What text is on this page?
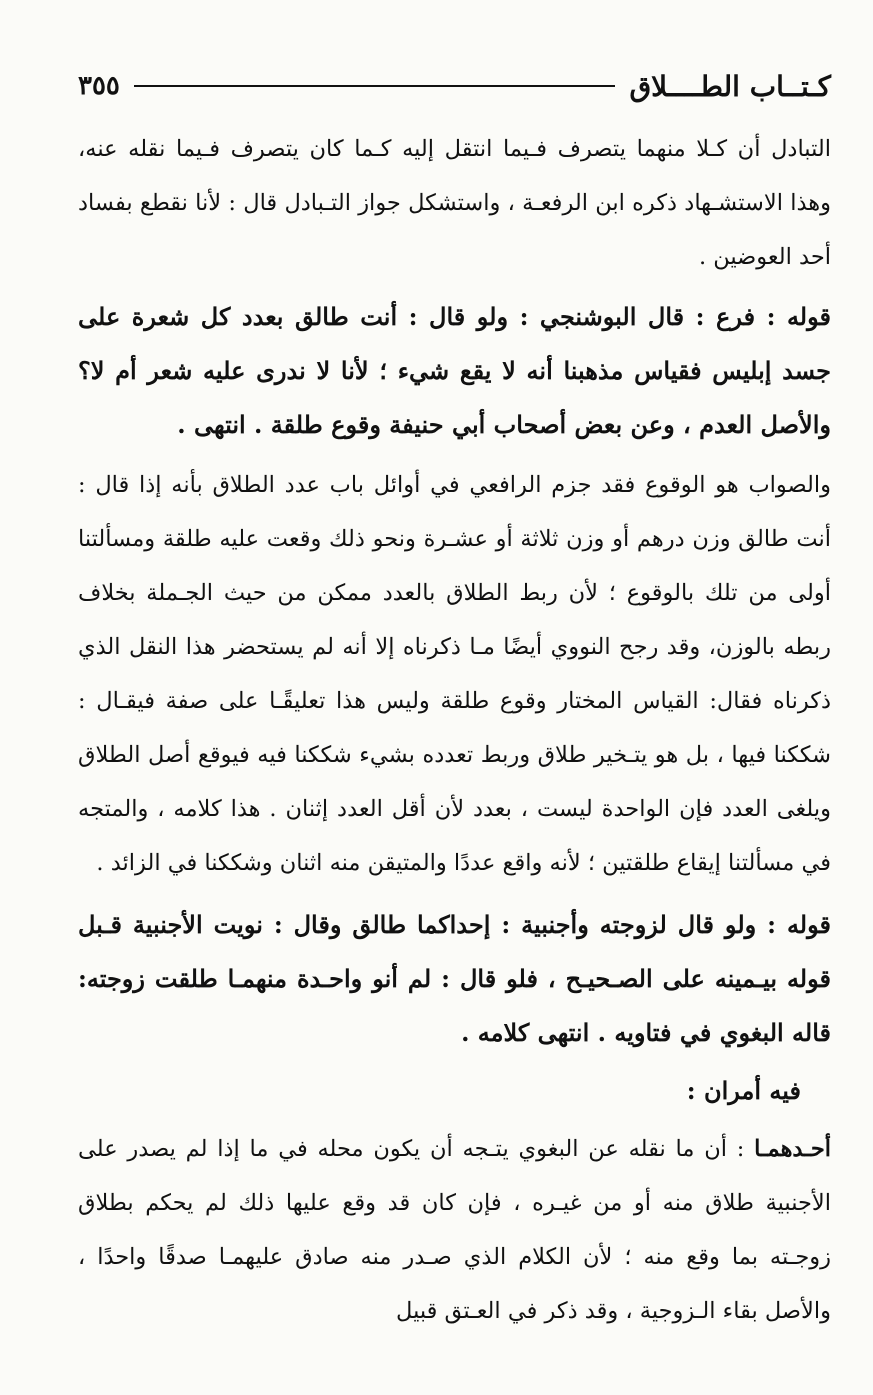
كـتــاب الطــــلاق
٣٥٥

التبادل أن كـلا منهما يتصرف فـيما انتقل إليه كـما كان يتصرف فـيما نقله عنه، وهذا الاستشـهاد ذكره ابن الرفعـة ، واستشكل جواز التـبادل قال : لأنا نقطع بفساد أحد العوضين .

قوله : فرع : قال البوشنجي : ولو قال : أنت طالق بعدد كل شعرة على جسد إبليس فقياس مذهبنا أنه لا يقع شيء ؛ لأنا لا ندرى عليه شعر أم لا؟ والأصل العدم ، وعن بعض أصحاب أبي حنيفة وقوع طلقة . انتهى .

والصواب هو الوقوع فقد جزم الرافعي في أوائل باب عدد الطلاق بأنه إذا قال : أنت طالق وزن درهم أو وزن ثلاثة أو عشـرة ونحو ذلك وقعت عليه طلقة ومسألتنا أولى من تلك بالوقوع ؛ لأن ربط الطلاق بالعدد ممكن من حيث الجـملة بخلاف ربطه بالوزن، وقد رجح النووي أيضًا مـا ذكرناه إلا أنه لم يستحضر هذا النقل الذي ذكرناه فقال: القياس المختار وقوع طلقة وليس هذا تعليقًـا على صفة فيقـال : شككنا فيها ، بل هو يتـخير طلاق وربط تعدده بشيء شككنا فيه فيوقع أصل الطلاق ويلغى العدد فإن الواحدة ليست ، بعدد لأن أقل العدد إثنان . هذا كلامه ، والمتجه في مسألتنا إيقاع طلقتين ؛ لأنه واقع عددًا والمتيقن منه اثنان وشككنا في الزائد .

قوله : ولو قال لزوجته وأجنبية : إحداكما طالق وقال : نويت الأجنبية قـبل قوله بيـمينه على الصـحيـح ، فلو قال : لم أنو واحـدة منهمـا طلقت زوجته: قاله البغوي في فتاويه . انتهى كلامه .

فيه أمران :

أحـدهمـا : أن ما نقله عن البغوي يتـجه أن يكون محله في ما إذا لم يصدر على الأجنبية طلاق منه أو من غيـره ، فإن كان قد وقع عليها ذلك لم يحكم بطلاق زوجـته بما وقع منه ؛ لأن الكلام الذي صـدر منه صادق عليهمـا صدقًا واحدًا ، والأصل بقاء الـزوجية ، وقد ذكر في العـتق قبيل
